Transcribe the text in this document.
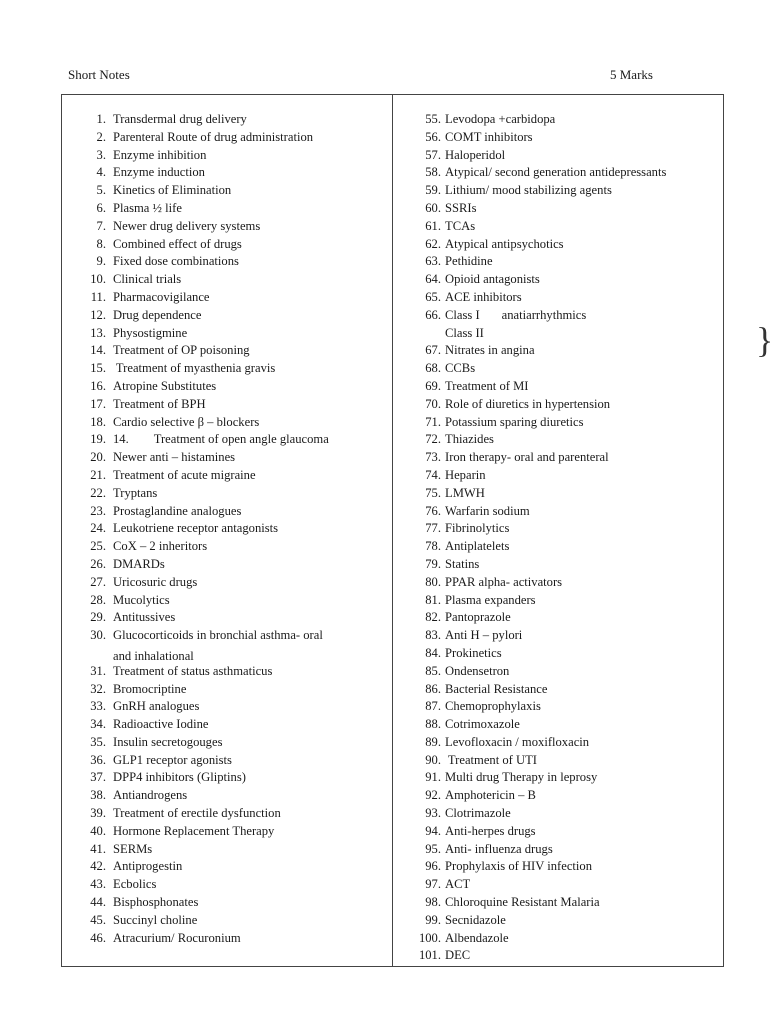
Short Notes	5 Marks
1. Transdermal drug delivery
2. Parenteral Route of drug administration
3. Enzyme inhibition
4. Enzyme induction
5. Kinetics of Elimination
6. Plasma ½ life
7. Newer drug delivery systems
8. Combined effect of drugs
9. Fixed dose combinations
10. Clinical trials
11. Pharmacovigilance
12. Drug dependence
13. Physostigmine
14. Treatment of OP poisoning
15. Treatment of myasthenia gravis
16. Atropine Substitutes
17. Treatment of BPH
18. Cardio selective β – blockers
19. 14.        Treatment of open angle glaucoma
20. Newer anti – histamines
21. Treatment of acute migraine
22. Tryptans
23. Prostaglandine analogues
24. Leukotriene receptor antagonists
25. CoX – 2 inheritors
26. DMARDs
27. Uricosuric drugs
28. Mucolytics
29. Antitussives
30. Glucocorticoids in bronchial asthma- oral
and inhalational
31. Treatment of status asthmaticus
32. Bromocriptine
33. GnRH analogues
34. Radioactive Iodine
35. Insulin secretogouges
36. GLP1 receptor agonists
37. DPP4 inhibitors (Gliptins)
38. Antiandrogens
39. Treatment of erectile dysfunction
40. Hormone Replacement Therapy
41. SERMs
42. Antiprogestin
43. Ecbolics
44. Bisphosphonates
45. Succinyl choline
46. Atracurium/ Rocuronium
55. Levodopa +carbidopa
56. COMT inhibitors
57. Haloperidol
58. Atypical/ second generation antidepressants
59. Lithium/ mood stabilizing agents
60. SSRIs
61. TCAs
62. Atypical antipsychotics
63. Pethidine
64. Opioid antagonists
65. ACE inhibitors
66. Class I       anatiarrhythmics
Class II
67. Nitrates in angina
68. CCBs
69. Treatment of MI
70. Role of diuretics in hypertension
71. Potassium sparing diuretics
72. Thiazides
73. Iron therapy- oral and parenteral
74. Heparin
75. LMWH
76. Warfarin sodium
77. Fibrinolytics
78. Antiplatelets
79. Statins
80. PPAR alpha- activators
81. Plasma expanders
82. Pantoprazole
83. Anti H – pylori
84. Prokinetics
85. Ondensetron
86. Bacterial Resistance
87. Chemoprophylaxis
88. Cotrimoxazole
89. Levofloxacin / moxifloxacin
90. Treatment of UTI
91. Multi drug Therapy in leprosy
92. Amphotericin – B
93. Clotrimazole
94. Anti-herpes drugs
95. Anti- influenza drugs
96. Prophylaxis of HIV infection
97. ACT
98. Chloroquine Resistant Malaria
99. Secnidazole
100. Albendazole
101. DEC
}
